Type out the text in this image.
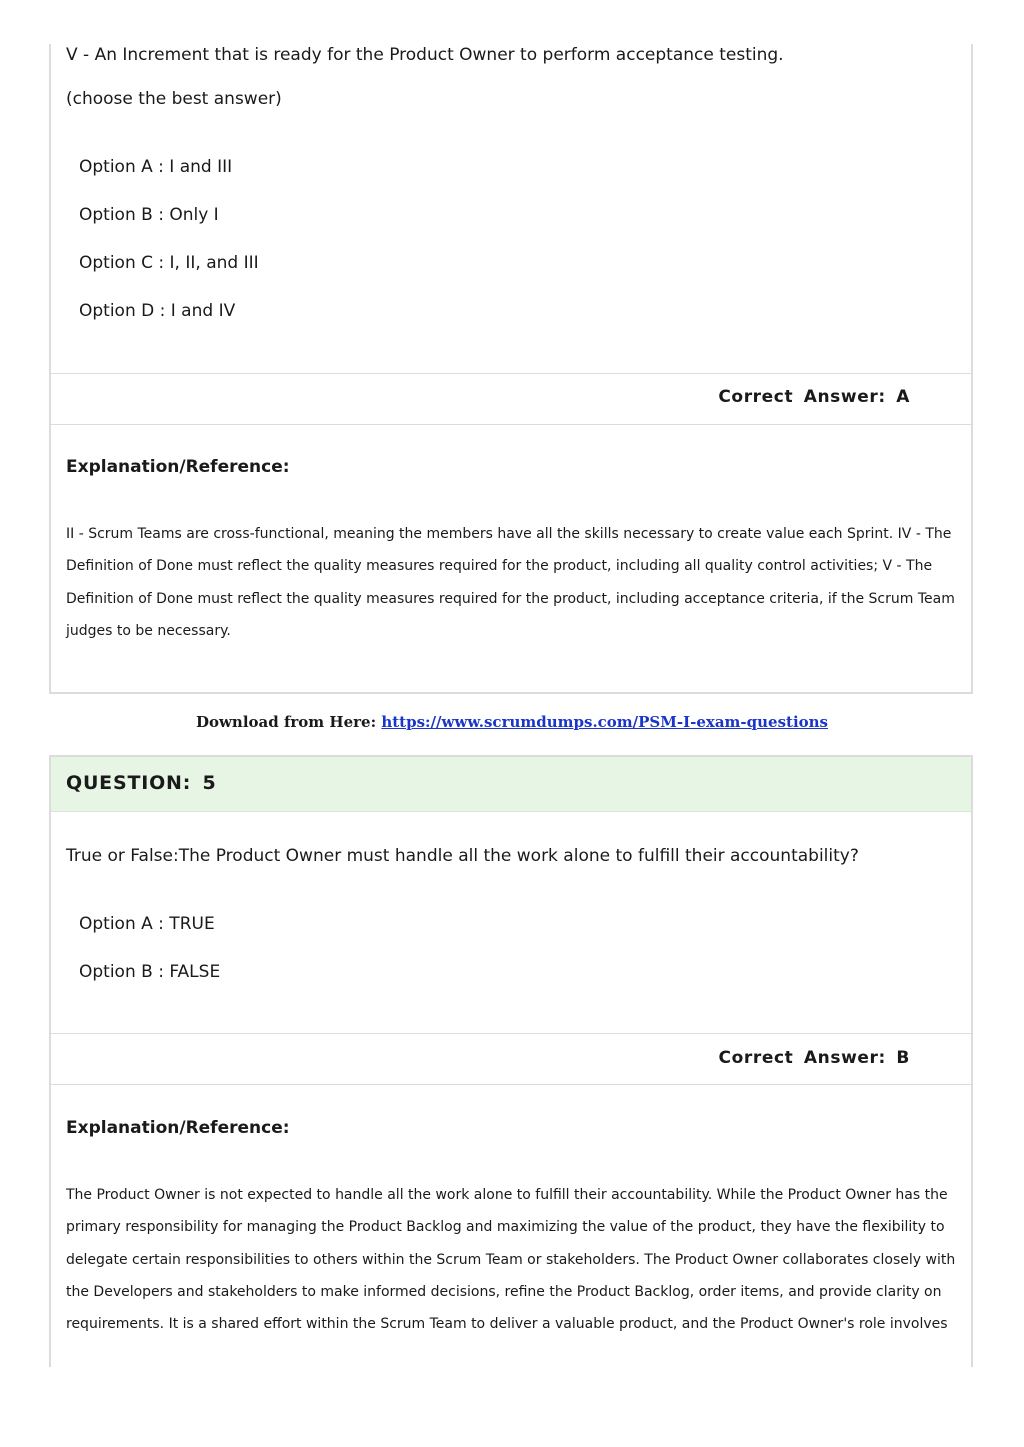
V - An Increment that is ready for the Product Owner to perform acceptance testing.

(choose the best answer)

Option A : I and III

Option B : Only I

Option C : I, II, and III

Option D : I and IV

Correct Answer: A

Explanation/Reference:

II - Scrum Teams are cross-functional, meaning the members have all the skills necessary to create value each Sprint. IV - The Definition of Done must reflect the quality measures required for the product, including all quality control activities; V - The Definition of Done must reflect the quality measures required for the product, including acceptance criteria, if the Scrum Team judges to be necessary.

Download from Here: https://www.scrumdumps.com/PSM-I-exam-questions
QUESTION: 5

True or False:The Product Owner must handle all the work alone to fulfill their accountability?

Option A : TRUE

Option B : FALSE

Correct Answer: B

Explanation/Reference:

The Product Owner is not expected to handle all the work alone to fulfill their accountability. While the Product Owner has the primary responsibility for managing the Product Backlog and maximizing the value of the product, they have the flexibility to delegate certain responsibilities to others within the Scrum Team or stakeholders. The Product Owner collaborates closely with the Developers and stakeholders to make informed decisions, refine the Product Backlog, order items, and provide clarity on requirements. It is a shared effort within the Scrum Team to deliver a valuable product, and the Product Owner's role involves
